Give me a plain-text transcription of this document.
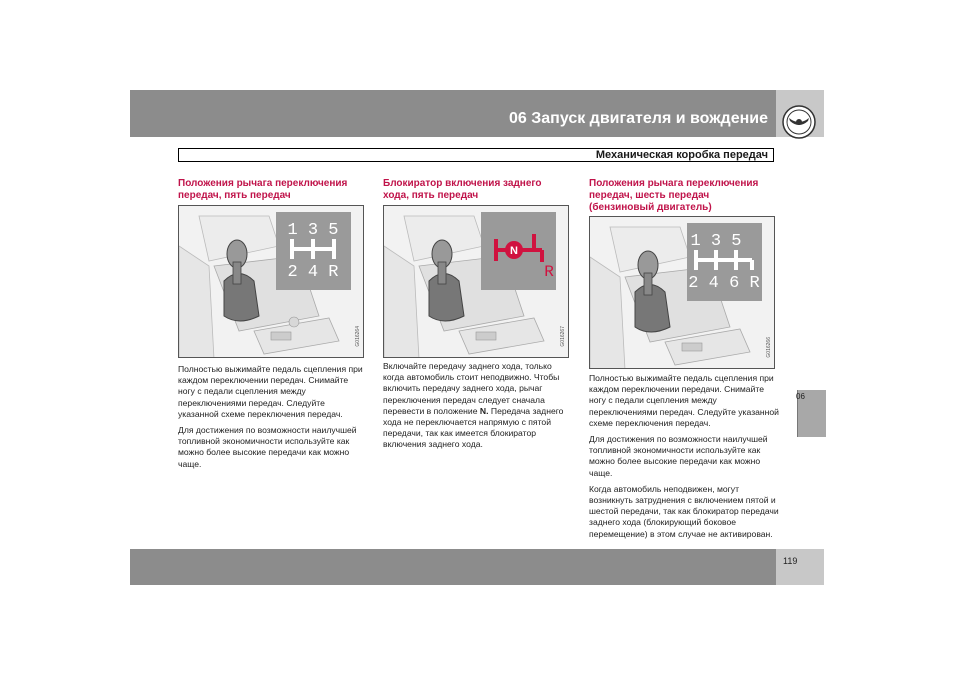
06 Запуск двигателя и вождение
Механическая коробка передач
Положения рычага переключения
передач, пять передач
1 3 5
2 4 R
G016264

Полностью выжимайте педаль сцепления при каждом переключении передач. Снимайте ногу с педали сцепления между переключениями передач. Следуйте указанной схеме переключения передач.

Для достижения по возможности наилучшей топливной экономичности используйте как можно более высокие передачи как можно чаще.

Блокиратор включения заднего
хода, пять передач
N
R
G016267

Включайте передачу заднего хода, только когда автомобиль стоит неподвижно. Чтобы включить передачу заднего хода, рычаг переключения передач следует сначала перевести в положение N. Передача заднего хода не переключается напрямую с пятой передачи, так как имеется блокиратор включения заднего хода.

Положения рычага переключения
передач, шесть передач
(бензиновый двигатель)
1 3 5
2 4 6 R
G016266

Полностью выжимайте педаль сцепления при каждом переключении передачи. Снимайте ногу с педали сцепления между переключениями передач. Следуйте указанной схеме переключения передач.

Для достижения по возможности наилучшей топливной экономичности используйте как можно более высокие передачи как можно чаще.

Когда автомобиль неподвижен, могут возникнуть затруднения с включением пятой и шестой передачи, так как блокиратор передачи заднего хода (блокирующий боковое перемещение) в этом случае не активирован.

06
119
